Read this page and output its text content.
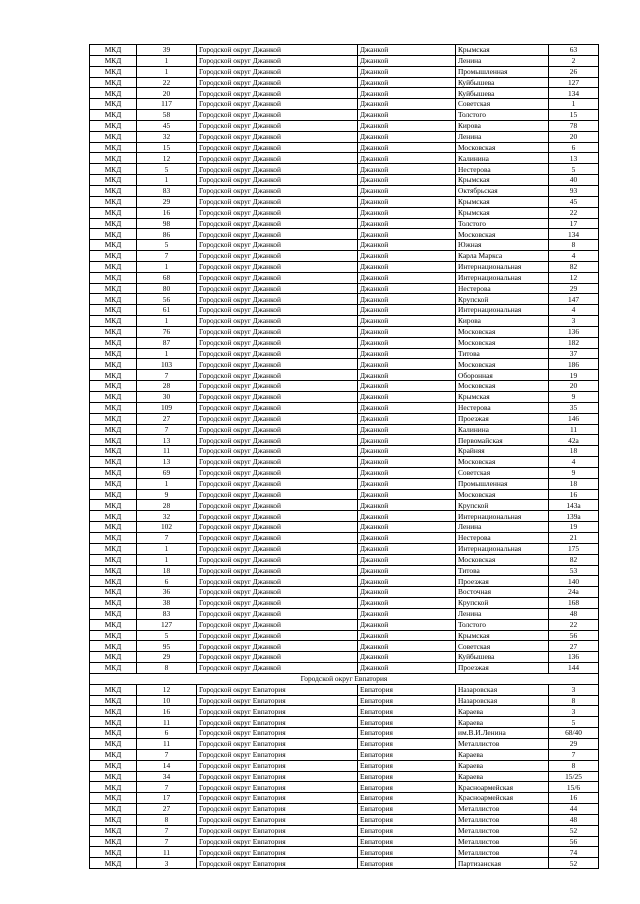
МКД	39	Городской округ Джанкой	Джанкой	Крымская	63
МКД	1	Городской округ Джанкой	Джанкой	Ленина	2
МКД	1	Городской округ Джанкой	Джанкой	Промышленная	26
МКД	22	Городской округ Джанкой	Джанкой	Куйбышева	127
МКД	20	Городской округ Джанкой	Джанкой	Куйбышева	134
МКД	117	Городской округ Джанкой	Джанкой	Советская	1
МКД	58	Городской округ Джанкой	Джанкой	Толстого	15
МКД	45	Городской округ Джанкой	Джанкой	Кирова	78
МКД	32	Городской округ Джанкой	Джанкой	Ленина	20
МКД	15	Городской округ Джанкой	Джанкой	Московская	6
МКД	12	Городской округ Джанкой	Джанкой	Калинина	13
МКД	5	Городской округ Джанкой	Джанкой	Нестерова	5
МКД	1	Городской округ Джанкой	Джанкой	Крымская	40
МКД	83	Городской округ Джанкой	Джанкой	Октябрьская	93
МКД	29	Городской округ Джанкой	Джанкой	Крымская	45
МКД	16	Городской округ Джанкой	Джанкой	Крымская	22
МКД	98	Городской округ Джанкой	Джанкой	Толстого	17
МКД	86	Городской округ Джанкой	Джанкой	Московская	134
МКД	5	Городской округ Джанкой	Джанкой	Южная	8
МКД	7	Городской округ Джанкой	Джанкой	Карла Маркса	4
МКД	1	Городской округ Джанкой	Джанкой	Интернациональная	82
МКД	68	Городской округ Джанкой	Джанкой	Интернациональная	12
МКД	80	Городской округ Джанкой	Джанкой	Нестерова	29
МКД	56	Городской округ Джанкой	Джанкой	Крупской	147
МКД	61	Городской округ Джанкой	Джанкой	Интернациональная	4
МКД	1	Городской округ Джанкой	Джанкой	Кирова	3
МКД	76	Городской округ Джанкой	Джанкой	Московская	136
МКД	87	Городской округ Джанкой	Джанкой	Московская	182
МКД	1	Городской округ Джанкой	Джанкой	Титова	37
МКД	103	Городской округ Джанкой	Джанкой	Московская	186
МКД	7	Городской округ Джанкой	Джанкой	Оборонная	19
МКД	28	Городской округ Джанкой	Джанкой	Московская	20
МКД	30	Городской округ Джанкой	Джанкой	Крымская	9
МКД	109	Городской округ Джанкой	Джанкой	Нестерова	35
МКД	27	Городской округ Джанкой	Джанкой	Проезжая	146
МКД	7	Городской округ Джанкой	Джанкой	Калинина	11
МКД	13	Городской округ Джанкой	Джанкой	Первомайская	42а
МКД	11	Городской округ Джанкой	Джанкой	Крайняя	18
МКД	13	Городской округ Джанкой	Джанкой	Московская	4
МКД	69	Городской округ Джанкой	Джанкой	Советская	9
МКД	1	Городской округ Джанкой	Джанкой	Промышленная	18
МКД	9	Городской округ Джанкой	Джанкой	Московская	16
МКД	28	Городской округ Джанкой	Джанкой	Крупской	143а
МКД	32	Городской округ Джанкой	Джанкой	Интернациональная	139а
МКД	102	Городской округ Джанкой	Джанкой	Ленина	19
МКД	7	Городской округ Джанкой	Джанкой	Нестерова	21
МКД	1	Городской округ Джанкой	Джанкой	Интернациональная	175
МКД	1	Городской округ Джанкой	Джанкой	Московская	82
МКД	18	Городской округ Джанкой	Джанкой	Титова	53
МКД	6	Городской округ Джанкой	Джанкой	Проезжая	140
МКД	36	Городской округ Джанкой	Джанкой	Восточная	24а
МКД	38	Городской округ Джанкой	Джанкой	Крупской	168
МКД	83	Городской округ Джанкой	Джанкой	Ленина	48
МКД	127	Городской округ Джанкой	Джанкой	Толстого	22
МКД	5	Городской округ Джанкой	Джанкой	Крымская	56
МКД	95	Городской округ Джанкой	Джанкой	Советская	27
МКД	29	Городской округ Джанкой	Джанкой	Куйбышева	136
МКД	8	Городской округ Джанкой	Джанкой	Проезжая	144
Городской округ Евпатория					
МКД	12	Городской округ Евпатория	Евпатория	Назаровская	3
МКД	10	Городской округ Евпатория	Евпатория	Назаровская	8
МКД	16	Городской округ Евпатория	Евпатория	Караева	3
МКД	11	Городской округ Евпатория	Евпатория	Караева	5
МКД	6	Городской округ Евпатория	Евпатория	им.В.И.Ленина	68/40
МКД	11	Городской округ Евпатория	Евпатория	Металлистов	29
МКД	7	Городской округ Евпатория	Евпатория	Караева	7
МКД	14	Городской округ Евпатория	Евпатория	Караева	8
МКД	34	Городской округ Евпатория	Евпатория	Караева	15/25
МКД	7	Городской округ Евпатория	Евпатория	Красноармейская	15/6
МКД	17	Городской округ Евпатория	Евпатория	Красноармейская	16
МКД	27	Городской округ Евпатория	Евпатория	Металлистов	44
МКД	8	Городской округ Евпатория	Евпатория	Металлистов	48
МКД	7	Городской округ Евпатория	Евпатория	Металлистов	52
МКД	7	Городской округ Евпатория	Евпатория	Металлистов	56
МКД	11	Городской округ Евпатория	Евпатория	Металлистов	74
МКД	3	Городской округ Евпатория	Евпатория	Партизанская	52
